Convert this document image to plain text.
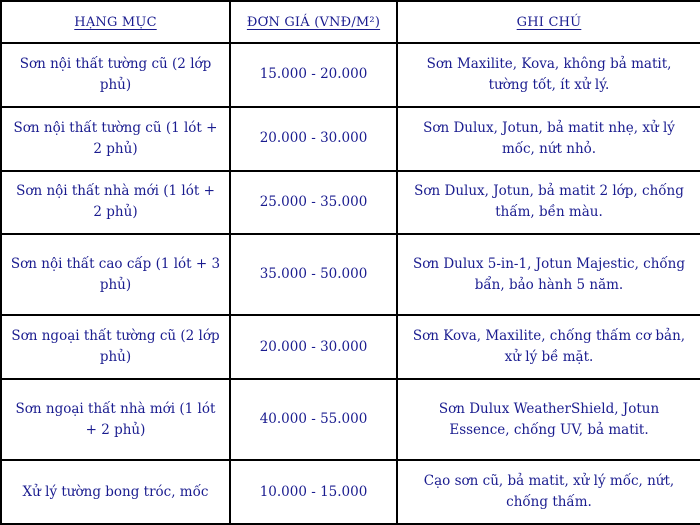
HẠNG MỤC	ĐƠN GIÁ (VNĐ/M²)	GHI CHÚ
Sơn nội thất tường cũ (2 lớp phủ)	15.000 - 20.000	Sơn Maxilite, Kova, không bả matit, tường tốt, ít xử lý.
Sơn nội thất tường cũ (1 lót + 2 phủ)	20.000 - 30.000	Sơn Dulux, Jotun, bả matit nhẹ, xử lý mốc, nứt nhỏ.
Sơn nội thất nhà mới (1 lót + 2 phủ)	25.000 - 35.000	Sơn Dulux, Jotun, bả matit 2 lớp, chống thấm, bền màu.
Sơn nội thất cao cấp (1 lót + 3 phủ)	35.000 - 50.000	Sơn Dulux 5-in-1, Jotun Majestic, chống bẩn, bảo hành 5 năm.
Sơn ngoại thất tường cũ (2 lớp phủ)	20.000 - 30.000	Sơn Kova, Maxilite, chống thấm cơ bản, xử lý bề mặt.
Sơn ngoại thất nhà mới (1 lót + 2 phủ)	40.000 - 55.000	Sơn Dulux WeatherShield, Jotun Essence, chống UV, bả matit.
Xử lý tường bong tróc, mốc	10.000 - 15.000	Cạo sơn cũ, bả matit, xử lý mốc, nứt, chống thấm.
